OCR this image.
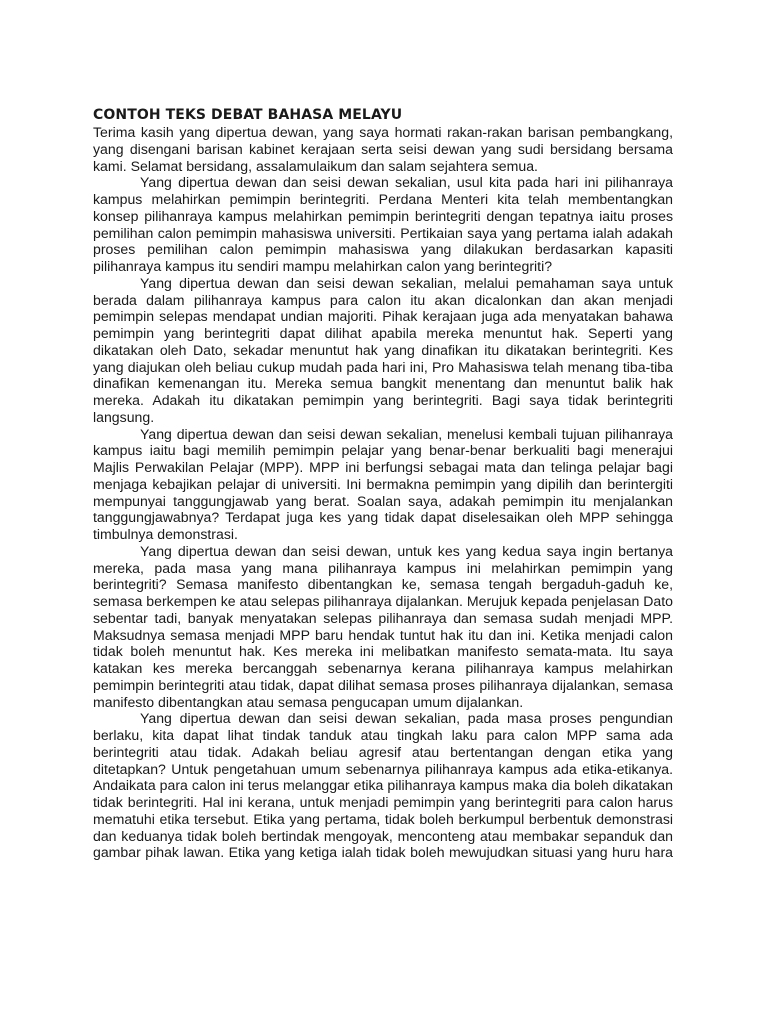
CONTOH TEKS DEBAT BAHASA MELAYU

Terima kasih yang dipertua dewan, yang saya hormati rakan-rakan barisan pembangkang, yang disengani barisan kabinet kerajaan serta seisi dewan yang sudi bersidang bersama kami. Selamat bersidang, assalamulaikum dan salam sejahtera semua.

Yang dipertua dewan dan seisi dewan sekalian, usul kita pada hari ini pilihanraya kampus melahirkan pemimpin berintegriti. Perdana Menteri kita telah membentangkan konsep pilihanraya kampus melahirkan pemimpin berintegriti dengan tepatnya iaitu proses pemilihan calon pemimpin mahasiswa universiti. Pertikaian saya yang pertama ialah adakah proses pemilihan calon pemimpin mahasiswa yang dilakukan berdasarkan kapasiti pilihanraya kampus itu sendiri mampu melahirkan calon yang berintegriti?

Yang dipertua dewan dan seisi dewan sekalian, melalui pemahaman saya untuk berada dalam pilihanraya kampus para calon itu akan dicalonkan dan akan menjadi pemimpin selepas mendapat undian majoriti. Pihak kerajaan juga ada menyatakan bahawa pemimpin yang berintegriti dapat dilihat apabila mereka menuntut hak. Seperti yang dikatakan oleh Dato, sekadar menuntut hak yang dinafikan itu dikatakan berintegriti. Kes yang diajukan oleh beliau cukup mudah pada hari ini, Pro Mahasiswa telah menang tiba-tiba dinafikan kemenangan itu. Mereka semua bangkit menentang dan menuntut balik hak mereka. Adakah itu dikatakan pemimpin yang berintegriti. Bagi saya tidak berintegriti langsung.

Yang dipertua dewan dan seisi dewan sekalian, menelusi kembali tujuan pilihanraya kampus iaitu bagi memilih pemimpin pelajar yang benar-benar berkualiti bagi menerajui Majlis Perwakilan Pelajar (MPP). MPP ini berfungsi sebagai mata dan telinga pelajar bagi menjaga kebajikan pelajar di universiti. Ini bermakna pemimpin yang dipilih dan berintergiti mempunyai tanggungjawab yang berat. Soalan saya, adakah pemimpin itu menjalankan tanggungjawabnya? Terdapat juga kes yang tidak dapat diselesaikan oleh MPP sehingga timbulnya demonstrasi.

Yang dipertua dewan dan seisi dewan, untuk kes yang kedua saya ingin bertanya mereka, pada masa yang mana pilihanraya kampus ini melahirkan pemimpin yang berintegriti? Semasa manifesto dibentangkan ke, semasa tengah bergaduh-gaduh ke, semasa berkempen ke atau selepas pilihanraya dijalankan. Merujuk kepada penjelasan Dato sebentar tadi, banyak menyatakan selepas pilihanraya dan semasa sudah menjadi MPP. Maksudnya semasa menjadi MPP baru hendak tuntut hak itu dan ini. Ketika menjadi calon tidak boleh menuntut hak. Kes mereka ini melibatkan manifesto semata-mata. Itu saya katakan kes mereka bercanggah sebenarnya kerana pilihanraya kampus melahirkan pemimpin berintegriti atau tidak, dapat dilihat semasa proses pilihanraya dijalankan, semasa manifesto dibentangkan atau semasa pengucapan umum dijalankan.

Yang dipertua dewan dan seisi dewan sekalian, pada masa proses pengundian berlaku, kita dapat lihat tindak tanduk atau tingkah laku para calon MPP sama ada berintegriti atau tidak. Adakah beliau agresif atau bertentangan dengan etika yang ditetapkan? Untuk pengetahuan umum sebenarnya pilihanraya kampus ada etika-etikanya. Andaikata para calon ini terus melanggar etika pilihanraya kampus maka dia boleh dikatakan tidak berintegriti. Hal ini kerana, untuk menjadi pemimpin yang berintegriti para calon harus mematuhi etika tersebut. Etika yang pertama, tidak boleh berkumpul berbentuk demonstrasi dan keduanya tidak boleh bertindak mengoyak, menconteng atau membakar sepanduk dan gambar pihak lawan. Etika yang ketiga ialah tidak boleh mewujudkan situasi yang huru hara
